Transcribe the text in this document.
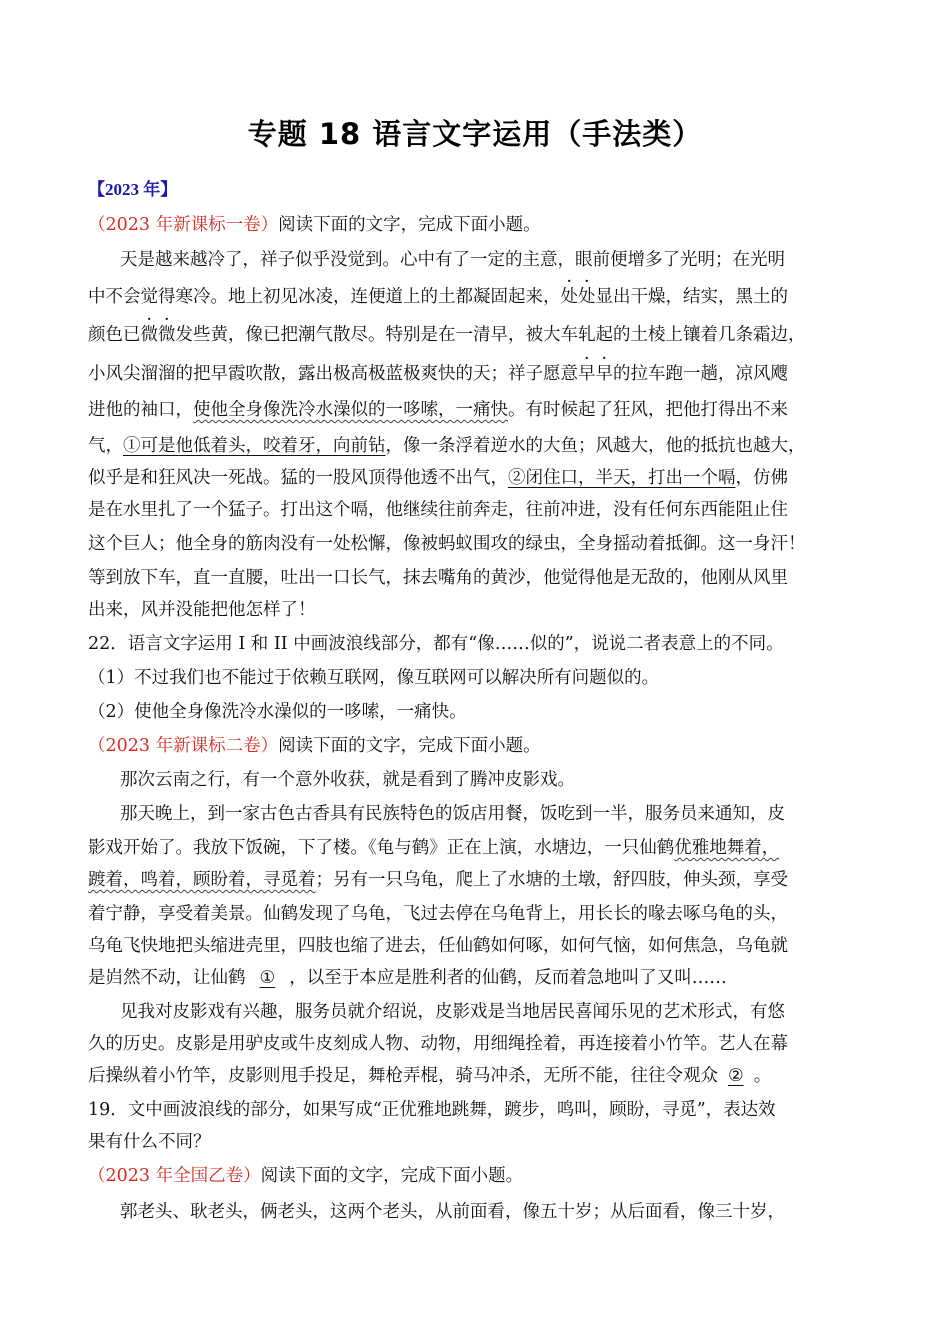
专题 18 语言文字运用（手法类）
【2023 年】
（2023 年新课标一卷）阅读下面的文字，完成下面小题。
天是越来越冷了，祥子似乎没觉到。心中有了一定的主意，眼前便增多了光明；在光明
中不会觉得寒冷。地上初见冰凌，连便道上的土都凝固起来，处处显出干燥，结实，黑土的
颜色已微微发些黄，像已把潮气散尽。特别是在一清早，被大车轧起的土棱上镶着几条霜边，
小风尖溜溜的把早霞吹散，露出极高极蓝极爽快的天；祥子愿意早早的拉车跑一趟，凉风飕
进他的袖口，使他全身像洗冷水澡似的一哆嗦，一痛快。有时候起了狂风，把他打得出不来
气，①可是他低着头，咬着牙，向前钻，像一条浮着逆水的大鱼；风越大，他的抵抗也越大，
似乎是和狂风决一死战。猛的一股风顶得他透不出气，②闭住口，半天，打出一个嗝，仿佛
是在水里扎了一个猛子。打出这个嗝，他继续往前奔走，往前冲进，没有任何东西能阻止住
这个巨人；他全身的筋肉没有一处松懈，像被蚂蚁围攻的绿虫，全身摇动着抵御。这一身汗！
等到放下车，直一直腰，吐出一口长气，抹去嘴角的黄沙，他觉得他是无敌的，他刚从风里
出来，风并没能把他怎样了！
22．语言文字运用 I 和 II 中画波浪线部分，都有“像……似的”，说说二者表意上的不同。
（1）不过我们也不能过于依赖互联网，像互联网可以解决所有问题似的。
（2）使他全身像洗冷水澡似的一哆嗦，一痛快。
（2023 年新课标二卷）阅读下面的文字，完成下面小题。
那次云南之行，有一个意外收获，就是看到了腾冲皮影戏。
那天晚上，到一家古色古香具有民族特色的饭店用餐，饭吃到一半，服务员来通知，皮
影戏开始了。我放下饭碗，下了楼。《龟与鹤》正在上演，水塘边，一只仙鹤优雅地舞着，
踱着，鸣着，顾盼着，寻觅着；另有一只乌龟，爬上了水塘的土墩，舒四肢，伸头颈，享受
着宁静，享受着美景。仙鹤发现了乌龟，飞过去停在乌龟背上，用长长的喙去啄乌龟的头，
乌龟飞快地把头缩进壳里，四肢也缩了进去，任仙鹤如何啄，如何气恼，如何焦急，乌龟就
是岿然不动，让仙鹤 ① ，以至于本应是胜利者的仙鹤，反而着急地叫了又叫……
见我对皮影戏有兴趣，服务员就介绍说，皮影戏是当地居民喜闻乐见的艺术形式，有悠
久的历史。皮影是用驴皮或牛皮刻成人物、动物，用细绳拴着，再连接着小竹竿。艺人在幕
后操纵着小竹竿，皮影则甩手投足，舞枪弄棍，骑马冲杀，无所不能，往往令观众 ② 。
19．文中画波浪线的部分，如果写成“正优雅地跳舞，踱步，鸣叫，顾盼，寻觅”，表达效
果有什么不同？
（2023 年全国乙卷）阅读下面的文字，完成下面小题。
郭老头、耿老头，俩老头，这两个老头，从前面看，像五十岁；从后面看，像三十岁，
